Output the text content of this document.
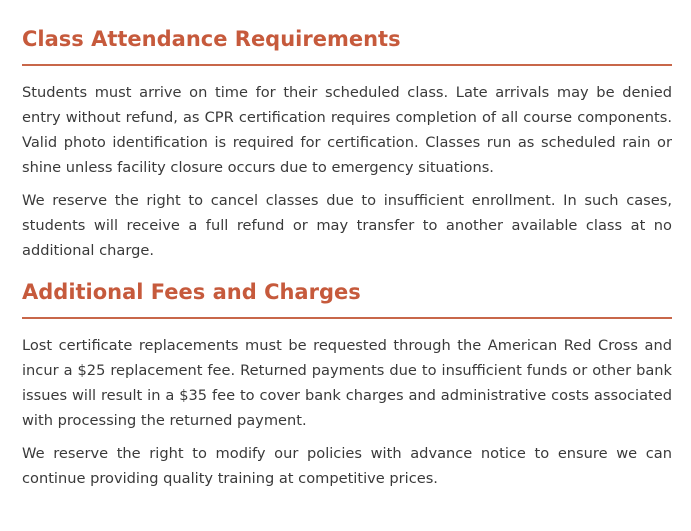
Class Attendance Requirements

Students must arrive on time for their scheduled class. Late arrivals may be denied entry without refund, as CPR certification requires completion of all course components. Valid photo identification is required for certification. Classes run as scheduled rain or shine unless facility closure occurs due to emergency situations.

We reserve the right to cancel classes due to insufficient enrollment. In such cases, students will receive a full refund or may transfer to another available class at no additional charge.

Additional Fees and Charges

Lost certificate replacements must be requested through the American Red Cross and incur a $25 replacement fee. Returned payments due to insufficient funds or other bank issues will result in a $35 fee to cover bank charges and administrative costs associated with processing the returned payment.

We reserve the right to modify our policies with advance notice to ensure we can continue providing quality training at competitive prices.
